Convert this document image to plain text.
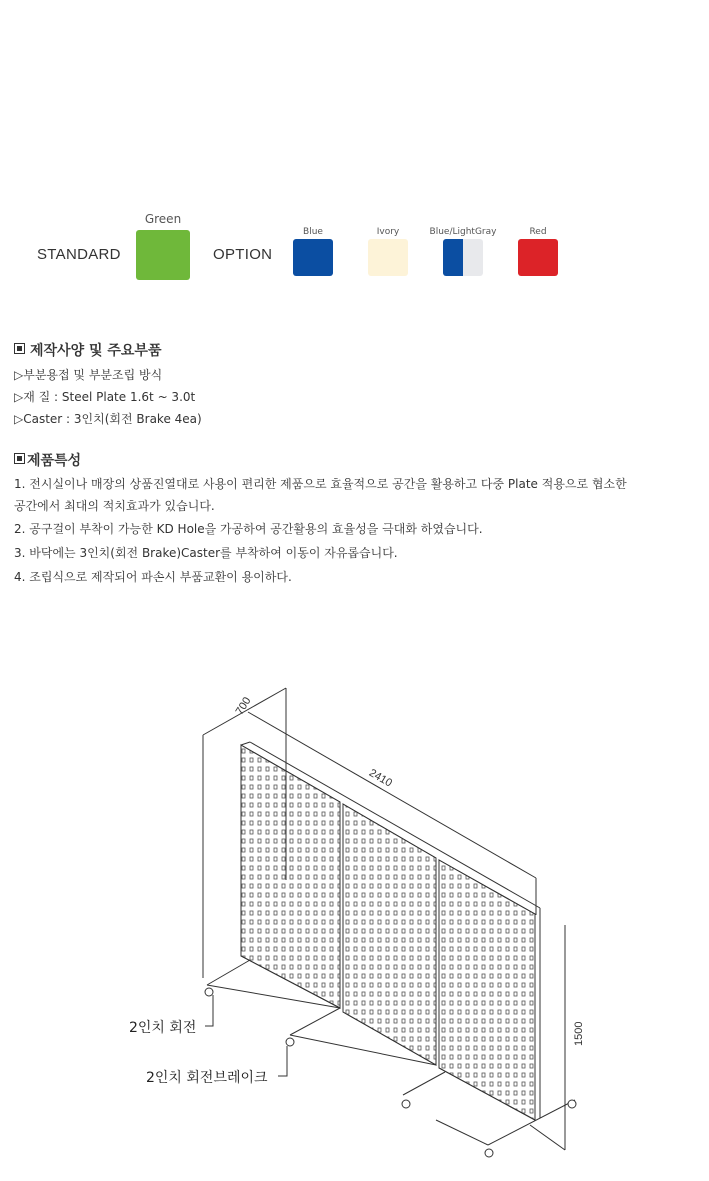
STANDARD
Green
OPTION
Blue	Ivory	Blue/LightGray	Red
제작사양 및 주요부품
▷부분용접 및 부분조립 방식
▷재 질 : Steel Plate 1.6t ~ 3.0t
▷Caster : 3인치(회전 Brake 4ea)
제품특성
1. 전시실이나 매장의 상품진열대로 사용이 편리한 제품으로 효율적으로 공간을 활용하고 다중 Plate 적용으로 협소한
공간에서 최대의 적치효과가 있습니다.
2. 공구걸이 부착이 가능한 KD Hole을 가공하여 공간활용의 효율성을 극대화 하였습니다.
3. 바닥에는 3인치(회전 Brake)Caster를 부착하여 이동이 자유롭습니다.
4. 조립식으로 제작되어 파손시 부품교환이 용이하다.
700
2410
1500
2인치 회전
2인치 회전브레이크
